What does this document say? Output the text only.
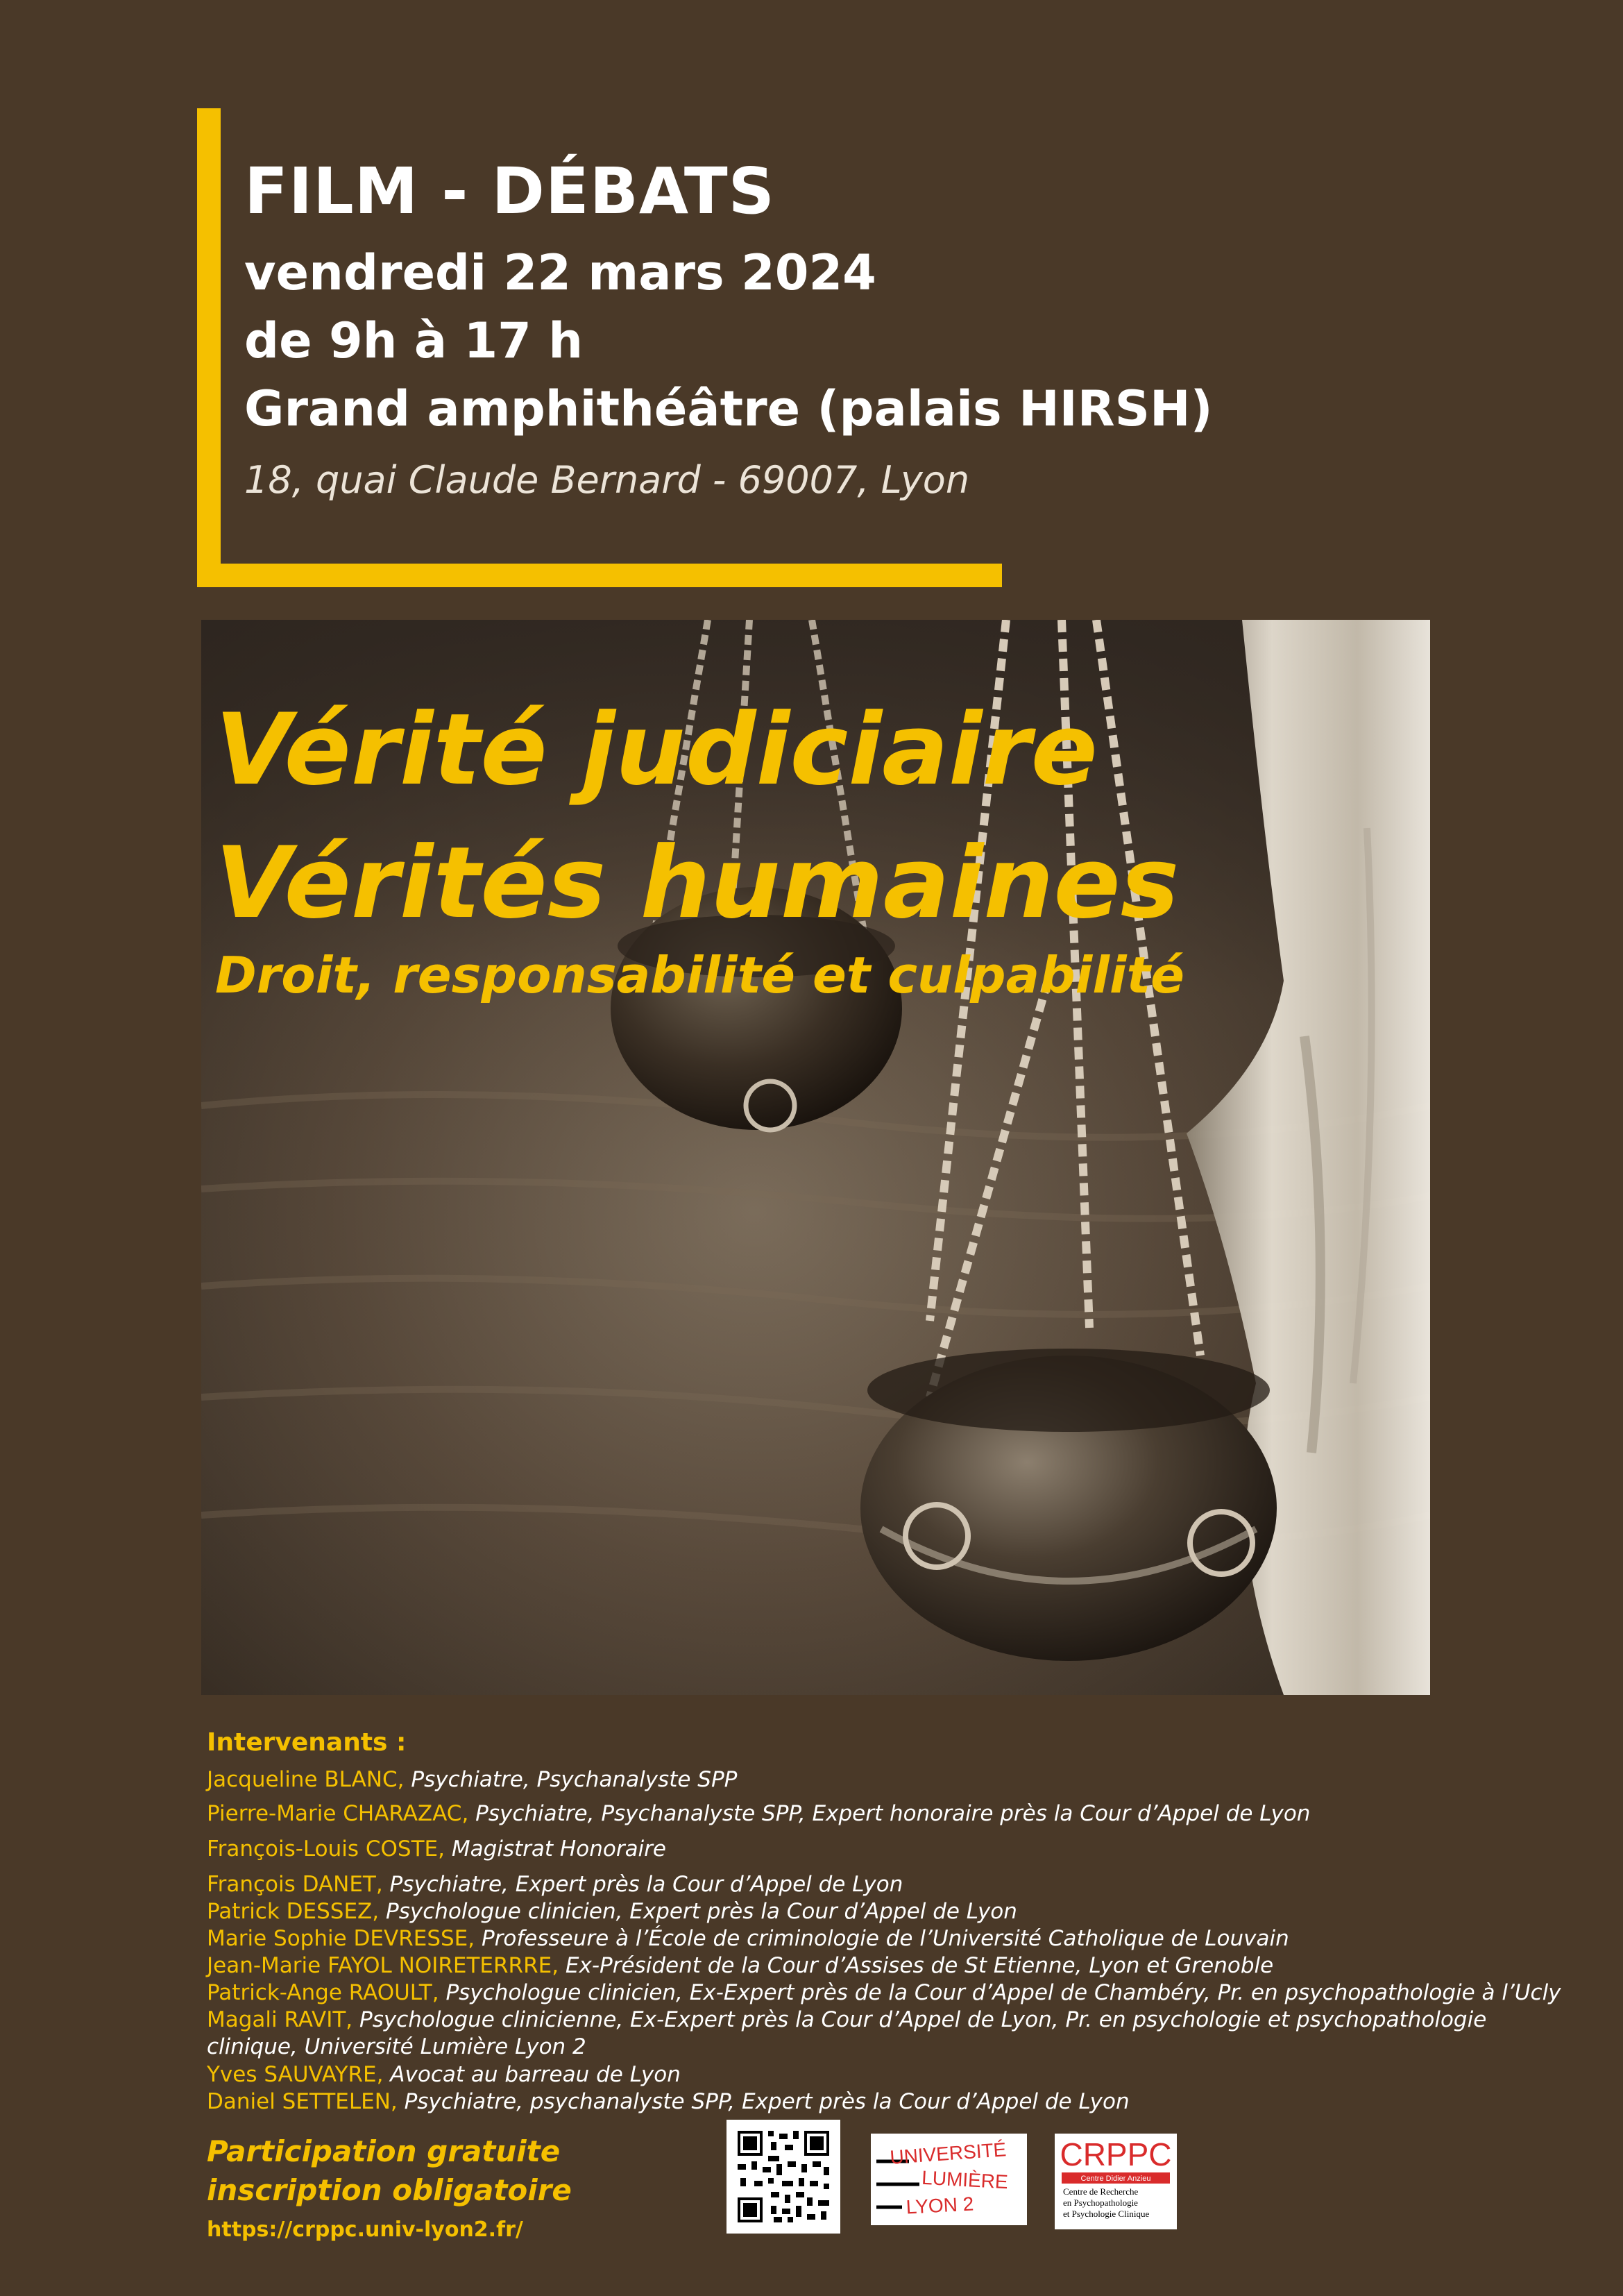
FILM - DÉBATS
vendredi 22 mars 2024
de 9h à 17 h
Grand amphithéâtre (palais HIRSH)
18, quai Claude Bernard - 69007, Lyon
Vérité judiciaire
Vérités humaines
Droit, responsabilité et culpabilité
Intervenants :
Jacqueline BLANC, Psychiatre, Psychanalyste SPP
Pierre-Marie CHARAZAC, Psychiatre, Psychanalyste SPP, Expert honoraire près la Cour d’Appel de Lyon
François-Louis COSTE, Magistrat Honoraire
François DANET, Psychiatre, Expert près la Cour d’Appel de Lyon
Patrick DESSEZ, Psychologue clinicien, Expert près la Cour d’Appel de Lyon
Marie Sophie DEVRESSE, Professeure à l’École de criminologie de l’Université Catholique de Louvain
Jean-Marie FAYOL NOIRETERRRE, Ex-Président de la Cour d’Assises de St Etienne, Lyon et Grenoble
Patrick-Ange RAOULT, Psychologue clinicien, Ex-Expert près de la Cour d’Appel de Chambéry, Pr. en psychopathologie à l’Ucly
Magali RAVIT, Psychologue clinicienne, Ex-Expert près la Cour d’Appel de Lyon, Pr. en psychologie et psychopathologie clinique, Université Lumière Lyon 2
Yves SAUVAYRE, Avocat au barreau de Lyon
Daniel SETTELEN, Psychiatre, psychanalyste SPP, Expert près la Cour d’Appel de Lyon
Participation gratuite
inscription obligatoire
https://crppc.univ-lyon2.fr/
UNIVERSITÉ
LUMIÈRE
LYON 2
CRPPC
Centre Didier Anzieu
Centre de Recherche
en Psychopathologie
et Psychologie Clinique
